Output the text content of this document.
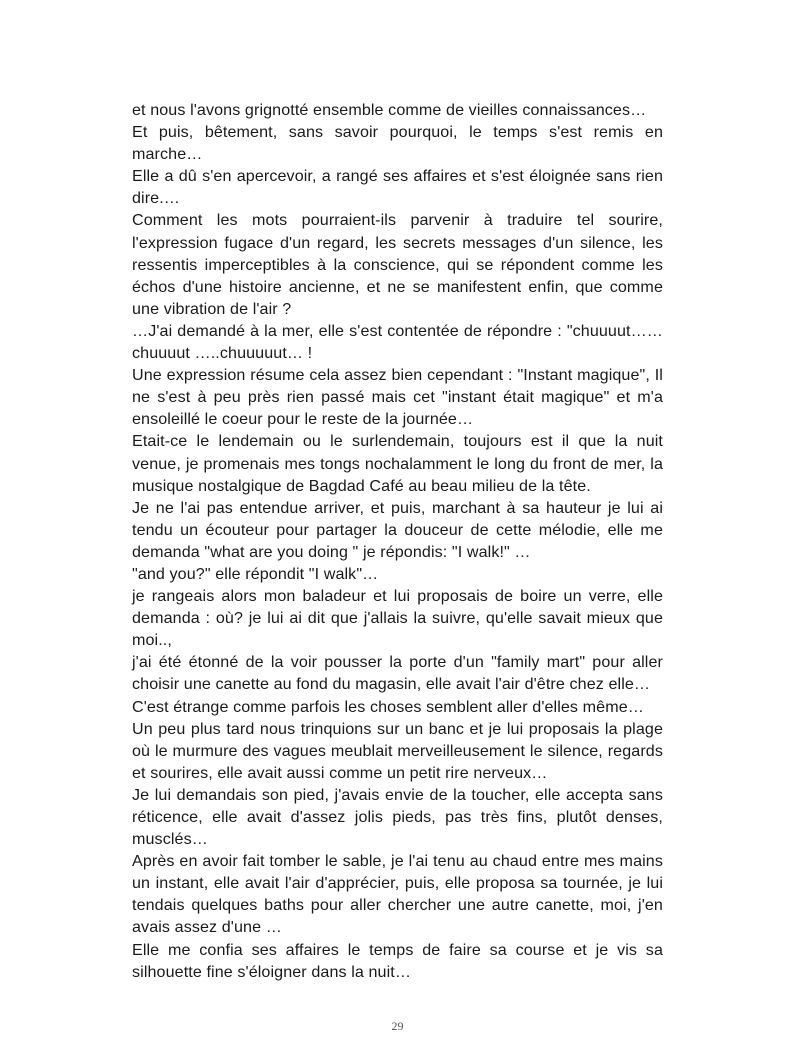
et nous l'avons grignotté ensemble comme de vieilles connaissances…

Et puis, bêtement, sans savoir pourquoi, le temps s'est remis en marche…

Elle a dû s'en apercevoir, a rangé ses affaires et s'est éloignée sans rien dire.…

Comment les mots pourraient-ils parvenir à traduire tel sourire, l'expression fugace d'un regard, les secrets messages d'un silence, les ressentis imperceptibles à la conscience, qui se répondent comme les échos d'une histoire ancienne, et ne se manifestent enfin, que comme une vibration de l'air ?

…J'ai demandé à la mer, elle s'est contentée de répondre : "chuuuut……chuuuut …..chuuuuut… !

Une expression résume cela assez bien cependant : "Instant magique", Il ne s'est à peu près rien passé mais cet "instant était magique" et m'a ensoleillé le coeur pour le reste de la journée…

Etait-ce le lendemain ou le surlendemain, toujours est il que la nuit venue, je promenais mes tongs nochalamment le long du front de mer, la musique nostalgique de Bagdad Café au beau milieu de la tête.

Je ne l'ai pas entendue arriver, et puis, marchant à sa hauteur je lui ai tendu un écouteur pour partager la douceur de cette mélodie, elle me demanda "what are you doing " je répondis: "I walk!" …

"and you?" elle répondit "I walk"…

je rangeais alors mon baladeur et lui proposais de boire un verre, elle demanda : où? je lui ai dit que j'allais la suivre, qu'elle savait mieux que moi..,

j'ai été étonné de la voir pousser la porte d'un "family mart" pour aller choisir une canette au fond du magasin, elle avait l'air d'être chez elle…

C'est étrange comme parfois les choses semblent aller d'elles même…

Un peu plus tard nous trinquions sur un banc et je lui proposais la plage où le murmure des vagues meublait merveilleusement le silence, regards et sourires, elle avait aussi comme un petit rire nerveux…

Je lui demandais son pied, j'avais envie de la toucher, elle accepta sans réticence, elle avait d'assez jolis pieds, pas très fins, plutôt denses, musclés…

Après en avoir fait tomber le sable, je l'ai tenu au chaud entre mes mains un instant, elle avait l'air d'apprécier, puis, elle proposa sa tournée, je lui tendais quelques baths pour aller chercher une autre canette, moi, j'en avais assez d'une …

Elle me confia ses affaires le temps de faire sa course et je vis sa silhouette fine s'éloigner dans la nuit…

29
